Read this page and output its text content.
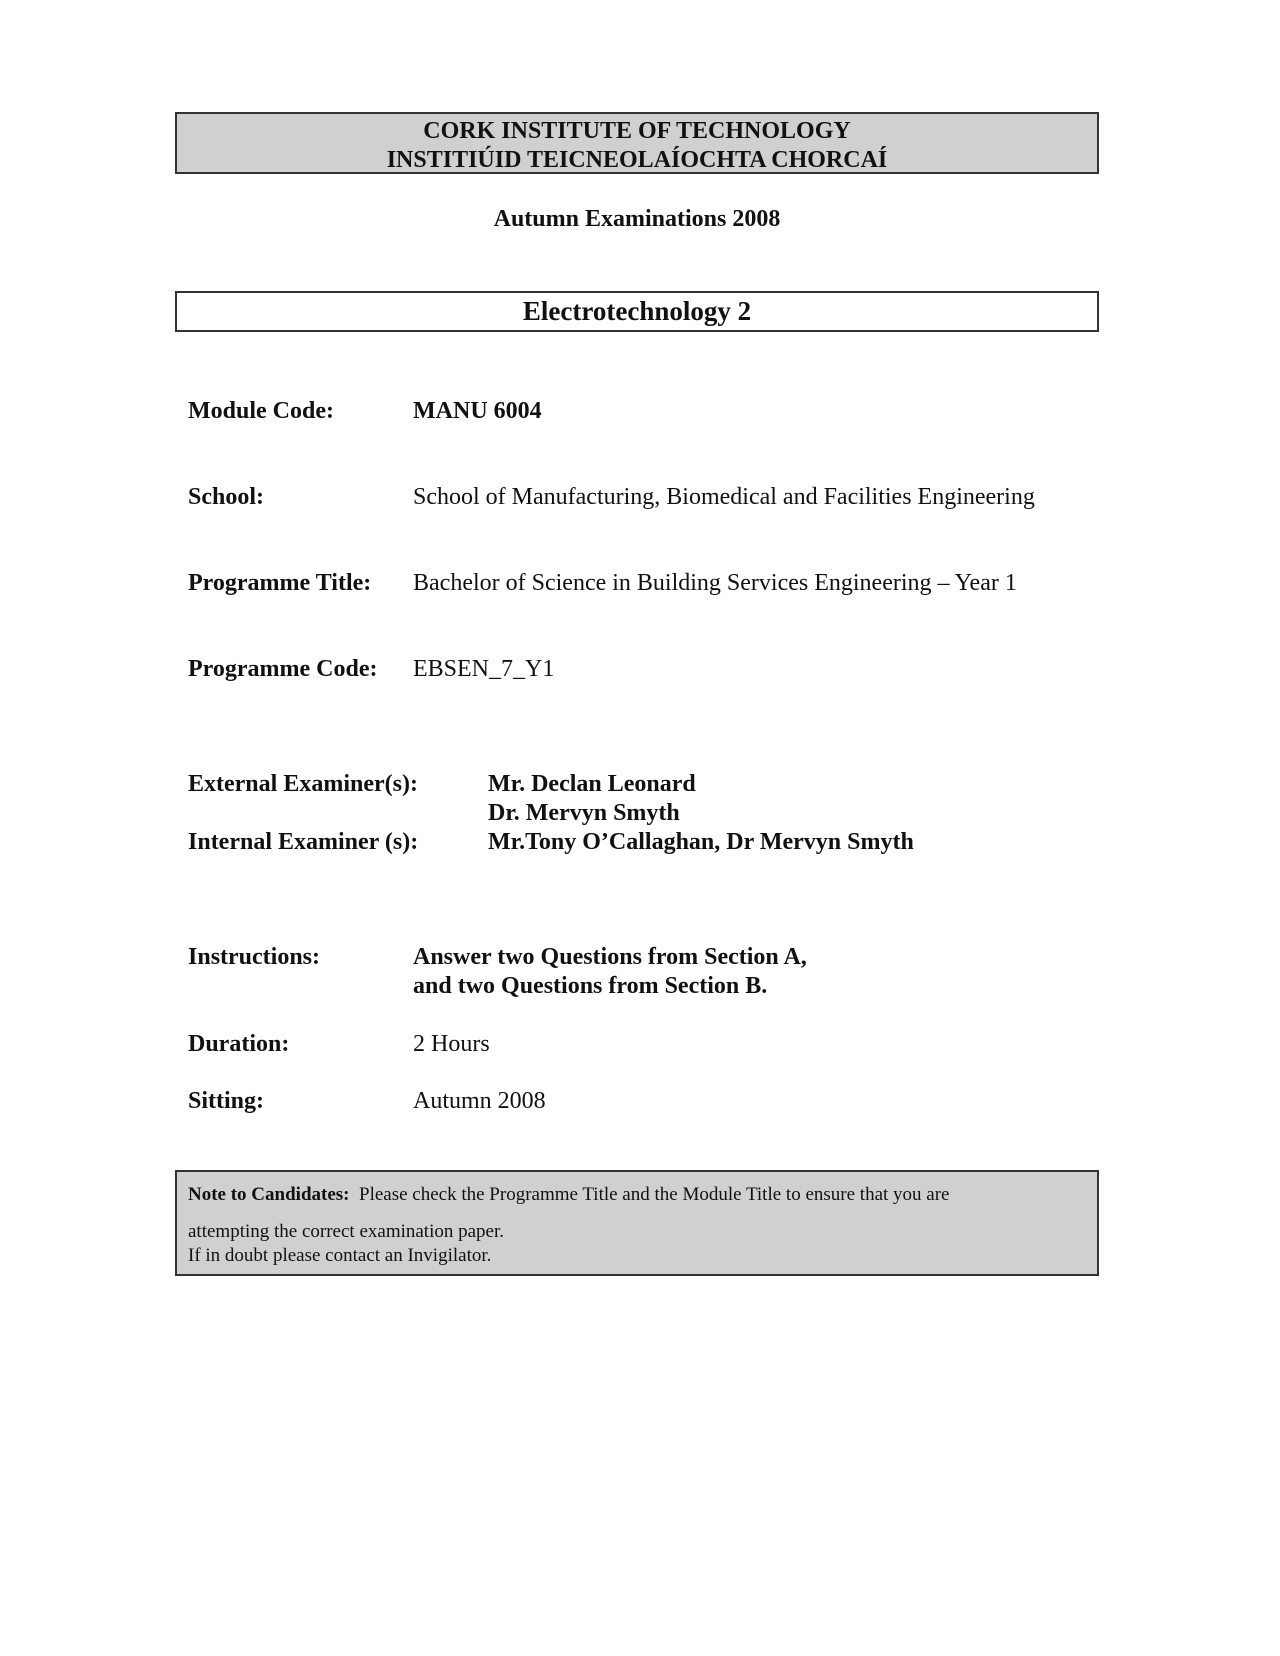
CORK INSTITUTE OF TECHNOLOGY
INSTITIÚID TEICNEOLAÍOCHTA CHORCAÍ
Autumn Examinations 2008
Electrotechnology 2
Module Code:	MANU 6004
School:	School of Manufacturing, Biomedical and Facilities Engineering
Programme Title: Bachelor of Science in Building Services Engineering – Year 1
Programme Code: EBSEN_7_Y1
External Examiner(s):	Mr. Declan Leonard
Dr. Mervyn Smyth
Internal Examiner (s):	Mr.Tony O’Callaghan, Dr Mervyn Smyth
Instructions:	Answer two Questions from Section A,
and two Questions from Section B.
Duration:	2 Hours
Sitting:	Autumn 2008
Note to Candidates: Please check the Programme Title and the Module Title to ensure that you are
attempting the correct examination paper.
If in doubt please contact an Invigilator.
